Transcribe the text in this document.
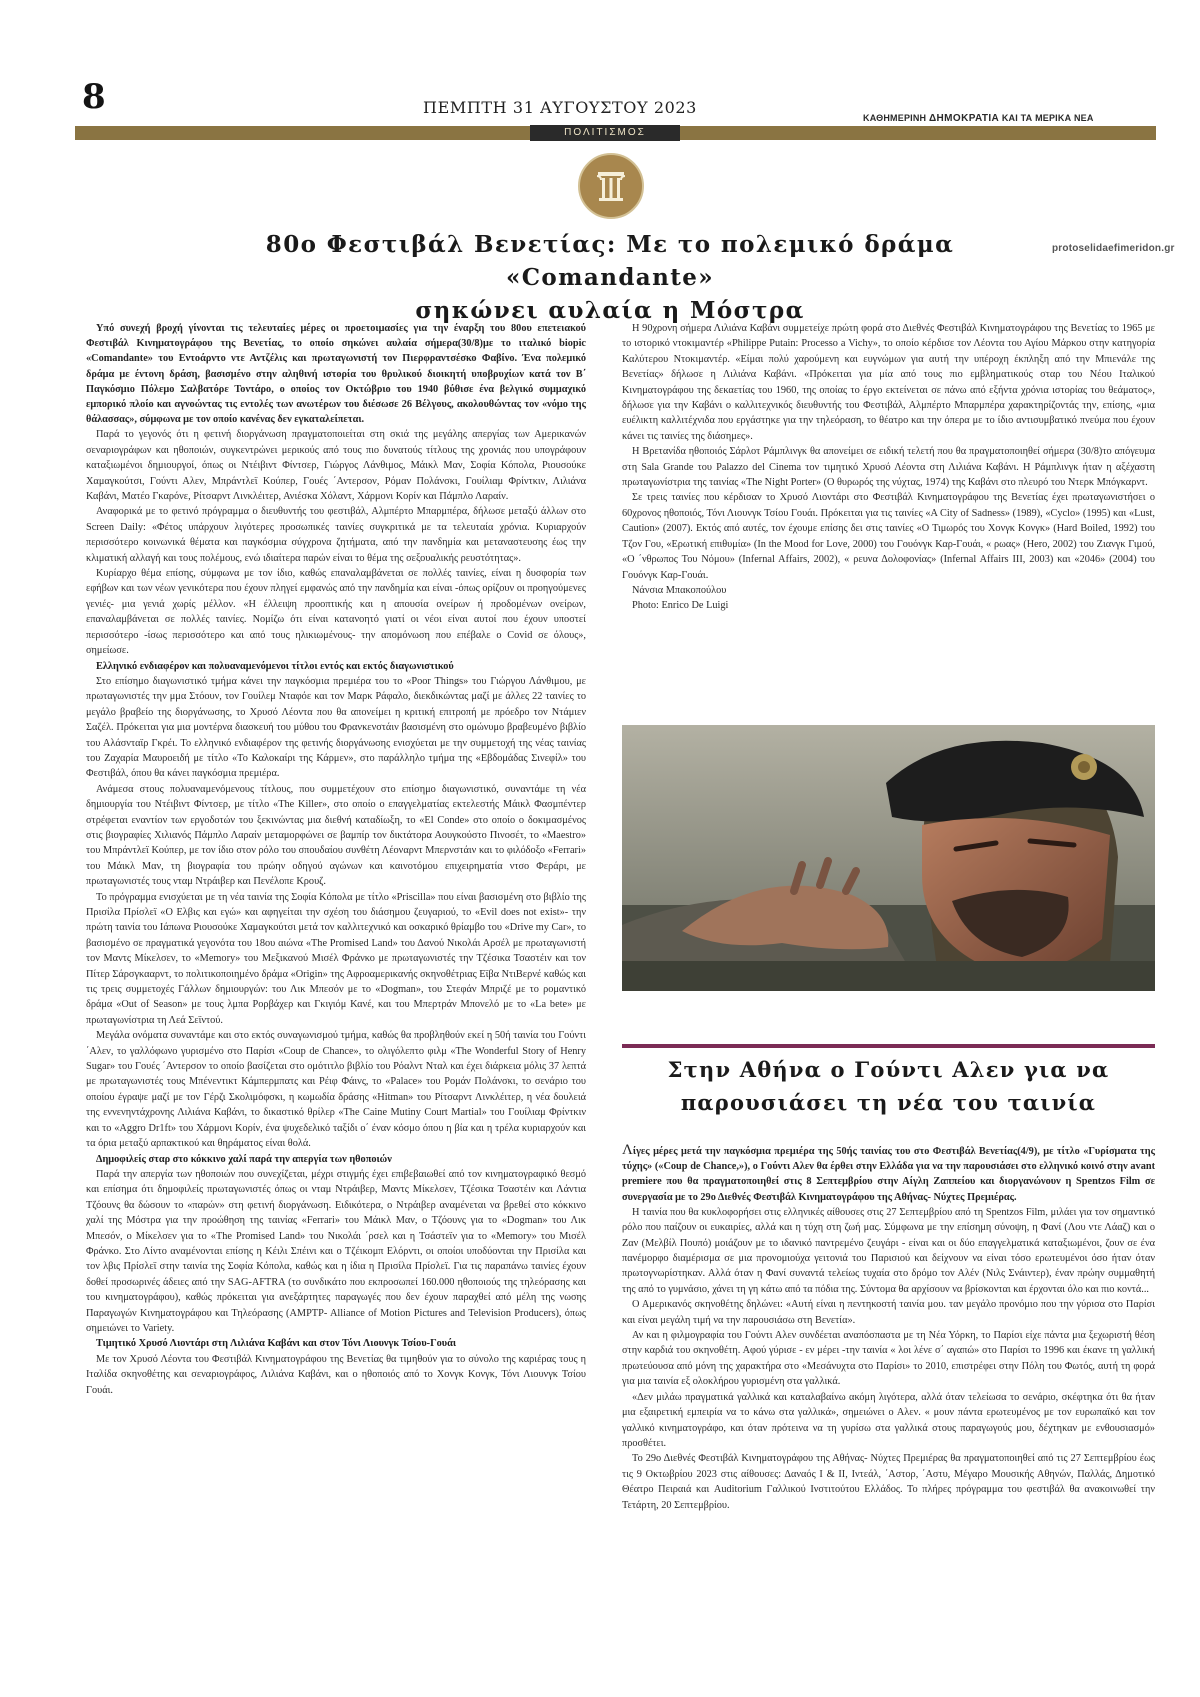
8	ΠΕΜΠΤΗ 31 ΑΥΓΟΥΣΤΟΥ 2023
ΚΑΘΗΜΕΡΙΝΗ ΔΗΜΟΚΡΑΤΙΑ ΚΑΙ ΤΑ ΜΕΡΙΚΑ ΝΕΑ
ΠΟΛΙΤΙΣΜΟΣ
80ο Φεστιβάλ Βενετίας: Με το πολεμικό δράμα «Comandante»
σηκώνει αυλαία η Μόστρα
protoselidaefimeridon.gr

Υπό συνεχή βροχή γίνονται τις τελευταίες μέρες οι προετοιμασίες για την έναρξη του 80ου επετειακού Φεστιβάλ Κινηματογράφου της Βενετίας, το οποίο σηκώνει αυλαία σήμερα(30/8)με το ιταλικό biopic «Comandante» του Εντοάρντο ντε Αντζέλις και πρωταγωνιστή τον Πιερφραντσέσκο Φαβίνο. Ένα πολεμικό δράμα με έντονη δράση, βασισμένο στην αληθινή ιστορία του θρυλικού διοικητή υποβρυχίων κατά τον Β΄ Παγκόσμιο Πόλεμο Σαλβατόρε Τοντάρο, ο οποίος τον Οκτώβριο του 1940 βύθισε ένα βελγικό συμμαχικό εμπορικό πλοίο και αγνοώντας τις εντολές των ανωτέρων του διέσωσε 26 Βέλγους, ακολουθώντας τον «νόμο της θάλασσας», σύμφωνα με τον οποίο κανένας δεν εγκαταλείπεται.

Παρά το γεγονός ότι η φετινή διοργάνωση πραγματοποιείται στη σκιά της μεγάλης απεργίας των Αμερικανών σεναριογράφων και ηθοποιών, συγκεντρώνει μερικούς από τους πιο δυνατούς τίτλους της χρονιάς που υπογράφουν καταξιωμένοι δημιουργοί, όπως οι Ντέιβιντ Φίντσερ, Γιώργος Λάνθιμος, Μάικλ Μαν, Σοφία Κόπολα, Ριουσούκε Χαμαγκούτσι, Γούντι Αλεν, Μπράντλεϊ Κούπερ, Γουές ΄Αντερσον, Ρόμαν Πολάνσκι, Γουίλιαμ Φρίντκιν, Λιλιάνα Καβάνι, Ματέο Γκαρόνε, Ρίτσαρντ Λινκλέιτερ, Ανιέσκα Χόλαντ, Χάρμονι Κορίν και Πάμπλο Λαραίν.

Αναφορικά με το φετινό πρόγραμμα ο διευθυντής του φεστιβάλ, Αλμπέρτο Μπαρμπέρα, δήλωσε μεταξύ άλλων στο Screen Daily: «Φέτος υπάρχουν λιγότερες προσωπικές ταινίες συγκριτικά με τα τελευταία χρόνια. Κυριαρχούν περισσότερο κοινωνικά θέματα και παγκόσμια σύγχρονα ζητήματα, από την πανδημία και μεταναστευσης έως την κλιματική αλλαγή και τους πολέμους, ενώ ιδιαίτερα παρών είναι το θέμα της σεξουαλικής ρευστότητας».

Κυρίαρχο θέμα επίσης, σύμφωνα με τον ίδιο, καθώς επαναλαμβάνεται σε πολλές ταινίες, είναι η δυσφορία των εφήβων και των νέων γενικότερα που έχουν πληγεί εμφανώς από την πανδημία και είναι -όπως ορίζουν οι προηγούμενες γενιές- μια γενιά χωρίς μέλλον. «Η έλλειψη προοπτικής και η απουσία ονείρων ή προδομένων ονείρων, επαναλαμβάνεται σε πολλές ταινίες. Νομίζω ότι είναι κατανοητό γιατί οι νέοι είναι αυτοί που έχουν υποστεί περισσότερο -ίσως περισσότερο και από τους ηλικιωμένους- την απομόνωση που επέβαλε ο Covid σε όλους», σημείωσε.

Ελληνικό ενδιαφέρον και πολυαναμενόμενοι τίτλοι εντός και εκτός διαγωνιστικού

Στο επίσημο διαγωνιστικό τμήμα κάνει την παγκόσμια πρεμιέρα του το «Poor Things» του Γιώργου Λάνθιμου, με πρωταγωνιστές την μμα Στόουν, τον Γουίλεμ Νταφόε και τον Μαρκ Ράφαλο, διεκδικώντας μαζί με άλλες 22 ταινίες το μεγάλο βραβείο της διοργάνωσης, το Χρυσό Λέοντα που θα απονείμει η κριτική επιτροπή με πρόεδρο τον Ντάμιεν Σαζέλ. Πρόκειται για μια μοντέρνα διασκευή του μύθου του Φρανκενστάιν βασισμένη στο ομώνυμο βραβευμένο βιβλίο του Αλάσνταϊρ Γκρέι. Το ελληνικό ενδιαφέρον της φετινής διοργάνωσης ενισχύεται με την συμμετοχή της νέας ταινίας του Ζαχαρία Μαυροειδή με τίτλο «Το Καλοκαίρι της Κάρμεν», στο παράλληλο τμήμα της «Εβδομάδας Σινεφίλ» του Φεστιβάλ, όπου θα κάνει παγκόσμια πρεμιέρα.

Ανάμεσα στους πολυαναμενόμενους τίτλους, που συμμετέχουν στο επίσημο διαγωνιστικό, συναντάμε τη νέα δημιουργία του Ντέιβιντ Φίντσερ, με τίτλο «The Killer», στο οποίο ο επαγγελματίας εκτελεστής Μάικλ Φασμπέντερ στρέφεται εναντίον των εργοδοτών του ξεκινώντας μια διεθνή καταδίωξη, το «El Conde» στο οποίο ο δοκιμασμένος στις βιογραφίες Χιλιανός Πάμπλο Λαραίν μεταμορφώνει σε βαμπίρ τον δικτάτορα Αουγκούστο Πινοσέτ, το «Maestro» του Μπράντλεϊ Κούπερ, με τον ίδιο στον ρόλο του σπουδαίου συνθέτη Λέοναρντ Μπερνστάιν και το φιλόδοξο «Ferrari» του Μάικλ Μαν, τη βιογραφία του πρώην οδηγού αγώνων και καινοτόμου επιχειρηματία ντσο Φεράρι, με πρωταγωνιστές τους νταμ Ντράιβερ και Πενέλοπε Κρουζ.

Το πρόγραμμα ενισχύεται με τη νέα ταινία της Σοφία Κόπολα με τίτλο «Priscilla» που είναι βασισμένη στο βιβλίο της Πρισίλα Πρίσλεϊ «Ο Ελβις και εγώ» και αφηγείται την σχέση του διάσημου ζευγαριού, το «Evil does not exist»- την πρώτη ταινία του Ιάπωνα Ριουσούκε Χαμαγκούτσι μετά τον καλλιτεχνικό και οσκαρικό θρίαμβο του «Drive my Car», το βασισμένο σε πραγματικά γεγονότα του 18ου αιώνα «The Promised Land» του Δανού Νικολάι Αρσέλ με πρωταγωνιστή τον Μαντς Μίκελσεν, το «Memory» του Μεξικανού Μισέλ Φράνκο με πρωταγωνιστές την Τζέσικα Τσαστέιν και τον Πίτερ Σάρσγκααρντ, το πολιτικοποιημένο δράμα «Origin» της Αφροαμερικανής σκηνοθέτριας Εϊβα ΝτιΒερνέ καθώς και τις τρεις συμμετοχές Γάλλων δημιουργών: του Λικ Μπεσόν με το «Dogman», του Στεφάν Μπριζέ με το ρομαντικό δράμα «Out of Season» με τους λμπα Ρορβάχερ και Γκιγιόμ Κανέ, και του Μπερτράν Μπονελό με το «La bete» με πρωταγωνίστρια τη Λεά Σεϊντού.

Μεγάλα ονόματα συναντάμε και στο εκτός συναγωνισμού τμήμα, καθώς θα προβληθούν εκεί η 50ή ταινία του Γούντι ΄Αλεν, το γαλλόφωνο γυρισμένο στο Παρίσι «Coup de Chance», το ολιγόλεπτο φιλμ «The Wonderful Story of Henry Sugar» του Γουές ΄Αντερσον το οποίο βασίζεται στο ομότιτλο βιβλίο του Ρόαλντ Νταλ και έχει διάρκεια μόλις 37 λεπτά με πρωταγωνιστές τους Μπένεντικτ Κάμπερμπατς και Ρέιφ Φάινς, το «Palace» του Ρομάν Πολάνσκι, το σενάριο του οποίου έγραψε μαζί με τον Γέρζι Σκολιμόφσκι, η κωμωδία δράσης «Hitman» του Ρίτσαρντ Λινκλέιτερ, η νέα δουλειά της εννενηντάχρονης Λιλιάνα Καβάνι, το δικαστικό θρίλερ «The Caine Mutiny Court Martial» του Γουίλιαμ Φρίντκιν και το «Aggro Dr1ft» του Χάρμονι Κορίν, ένα ψυχεδελικό ταξίδι ο΄ έναν κόσμο όπου η βία και η τρέλα κυριαρχούν και τα όρια μεταξύ αρπακτικού και θηράματος είναι θολά.

Δημοφιλείς σταρ στο κόκκινο χαλί παρά την απεργία των ηθοποιών

Παρά την απεργία των ηθοποιών που συνεχίζεται, μέχρι στιγμής έχει επιβεβαιωθεί από τον κινηματογραφικό θεσμό και επίσημα ότι δημοφιλείς πρωταγωνιστές όπως οι νταμ Ντράιβερ, Μαντς Μίκελσεν, Τζέσικα Τσαστέιν και Λάντια Τζόουνς θα δώσουν το «παρών» στη φετινή διοργάνωση. Ειδικότερα, ο Ντράιβερ αναμένεται να βρεθεί στο κόκκινο χαλί της Μόστρα για την προώθηση της ταινίας «Ferrari» του Μάικλ Μαν, ο Τζόουνς για το «Dogman» του Λικ Μπεσόν, ο Μίκελσεν για το «The Promised Land» του Νικολάι ΄ρσελ και η Τσάστεϊν για το «Memory» του Μισέλ Φράνκο. Στο Λίντο αναμένονται επίσης η Κέιλι Σπέινι και ο Τζέικομπ Ελόρντι, οι οποίοι υποδύονται την Πρισίλα και τον λβις Πρίσλεϊ στην ταινία της Σοφία Κόπολα, καθώς και η ίδια η Πρισίλα Πρίσλεϊ. Για τις παραπάνω ταινίες έχουν δοθεί προσωρινές άδειες από την SAG-AFTRA (το συνδικάτο που εκπροσωπεί 160.000 ηθοποιούς της τηλεόρασης και του κινηματογράφου), καθώς πρόκειται για ανεξάρτητες παραγωγές που δεν έχουν παραχθεί από μέλη της νωσης Παραγωγών Κινηματογράφου και Τηλεόρασης (AMPTP- Alliance of Motion Pictures and Television Producers), όπως σημειώνει το Variety.

Τιμητικό Χρυσό Λιοντάρι στη Λιλιάνα Καβάνι και στον Τόνι Λιουνγκ Τσίου-Γουάι

Με τον Χρυσό Λέοντα του Φεστιβάλ Κινηματογράφου της Βενετίας θα τιμηθούν για το σύνολο της καριέρας τους η Ιταλίδα σκηνοθέτης και σεναριογράφος, Λιλιάνα Καβάνι, και ο ηθοποιός από το Χονγκ Κονγκ, Τόνι Λιουνγκ Τσίου Γουάι.

Η 90χρονη σήμερα Λιλιάνα Καβάνι συμμετείχε πρώτη φορά στο Διεθνές Φεστιβάλ Κινηματογράφου της Βενετίας το 1965 με το ιστορικό ντοκιμαντέρ «Philippe Putain: Processo a Vichy», το οποίο κέρδισε τον Λέοντα του Αγίου Μάρκου στην κατηγορία Καλύτερου Ντοκιμαντέρ. «Είμαι πολύ χαρούμενη και ευγνώμων για αυτή την υπέροχη έκπληξη από την Μπιενάλε της Βενετίας» δήλωσε η Λιλιάνα Καβάνι. «Πρόκειται για μία από τους πιο εμβληματικούς σταρ του Νέου Ιταλικού Κινηματογράφου της δεκαετίας του 1960, της οποίας το έργο εκτείνεται σε πάνω από εξήντα χρόνια ιστορίας του θεάματος», δήλωσε για την Καβάνι ο καλλιτεχνικός διευθυντής του Φεστιβάλ, Αλμπέρτο Μπαρμπέρα χαρακτηρίζοντάς την, επίσης, «μια ευέλικτη καλλιτέχνιδα που εργάστηκε για την τηλεόραση, το θέατρο και την όπερα με το ίδιο αντισυμβατικό πνεύμα που έχουν κάνει τις ταινίες της διάσημες».

Η Βρετανίδα ηθοποιός Σάρλοτ Ράμπλινγκ θα απονείμει σε ειδική τελετή που θα πραγματοποιηθεί σήμερα (30/8)το απόγευμα στη Sala Grande του Palazzo del Cinema τον τιμητικό Χρυσό Λέοντα στη Λιλιάνα Καβάνι. Η Ράμπλινγκ ήταν η αξέχαστη πρωταγωνίστρια της ταινίας «The Night Porter» (Ο θυρωρός της νύχτας, 1974) της Καβάνι στο πλευρό του Ντερκ Μπόγκαρντ.

Σε τρεις ταινίες που κέρδισαν το Χρυσό Λιοντάρι στο Φεστιβάλ Κινηματογράφου της Βενετίας έχει πρωταγωνιστήσει ο 60χρονος ηθοποιός, Τόνι Λιουνγκ Τσίου Γουάι. Πρόκειται για τις ταινίες «A City of Sadness» (1989), «Cyclo» (1995) και «Lust, Caution» (2007). Εκτός από αυτές, τον έχουμε επίσης δει στις ταινίες «Ο Τιμωρός του Χονγκ Κονγκ» (Hard Boiled, 1992) του Τζον Γου, «Ερωτική επιθυμία» (In the Mood for Love, 2000) του Γουόνγκ Καρ-Γουάι, « ρωας» (Hero, 2002) του Ζιανγκ Γιμού, «Ο ΄νθρωπος Του Νόμου» (Infernal Affairs, 2002), « ρευνα Δολοφονίας» (Infernal Affairs III, 2003) και «2046» (2004) του Γουόνγκ Καρ-Γουάι.

Νάνσια Μπακοπούλου

Photo: Enrico De Luigi

Στην Αθήνα ο Γούντι Αλεν για να
παρουσιάσει τη νέα του ταινία

Λίγες μέρες μετά την παγκόσμια πρεμιέρα της 50ής ταινίας του στο Φεστιβάλ Βενετίας(4/9), με τίτλο «Γυρίσματα της τύχης» («Coup de Chance,»), ο Γούντι Αλεν θα έρθει στην Ελλάδα για να την παρουσιάσει στο ελληνικό κοινό στην avant premiere που θα πραγματοποιηθεί στις 8 Σεπτεμβρίου στην Αίγλη Ζαππείου και διοργανώνουν η Spentzos Film σε συνεργασία με το 29ο Διεθνές Φεστιβάλ Κινηματογράφου της Αθήνας- Νύχτες Πρεμιέρας.

Η ταινία που θα κυκλοφορήσει στις ελληνικές αίθουσες στις 27 Σεπτεμβρίου από τη Spentzos Film, μιλάει για τον σημαντικό ρόλο που παίζουν οι ευκαιρίες, αλλά και η τύχη στη ζωή μας. Σύμφωνα με την επίσημη σύνοψη, η Φανί (Λου ντε Λάαζ) και ο Ζαν (Μελβίλ Πουπό) μοιάζουν με το ιδανικό παντρεμένο ζευγάρι - είναι και οι δύο επαγγελματικά καταξιωμένοι, ζουν σε ένα πανέμορφο διαμέρισμα σε μια προνομιούχα γειτονιά του Παρισιού και δείχνουν να είναι τόσο ερωτευμένοι όσο ήταν όταν πρωτογνωρίστηκαν. Αλλά όταν η Φανί συναντά τελείως τυχαία στο δρόμο τον Αλέν (Νιλς Σνάιντερ), έναν πρώην συμμαθητή της από το γυμνάσιο, χάνει τη γη κάτω από τα πόδια της. Σύντομα θα αρχίσουν να βρίσκονται και έρχονται όλο και πιο κοντά...

Ο Αμερικανός σκηνοθέτης δηλώνει: «Αυτή είναι η πεντηκοστή ταινία μου. ταν μεγάλο προνόμιο που την γύρισα στο Παρίσι και είναι μεγάλη τιμή να την παρουσιάσω στη Βενετία».

Αν και η φιλμογραφία του Γούντι Αλεν συνδέεται αναπόσπαστα με τη Νέα Υόρκη, το Παρίσι είχε πάντα μια ξεχωριστή θέση στην καρδιά του σκηνοθέτη. Αφού γύρισε - εν μέρει -την ταινία « λοι λένε σ΄ αγαπώ» στο Παρίσι το 1996 και έκανε τη γαλλική πρωτεύουσα από μόνη της χαρακτήρα στο «Μεσάνυχτα στο Παρίσι» το 2010, επιστρέφει στην Πόλη του Φωτός, αυτή τη φορά για μια ταινία εξ ολοκλήρου γυρισμένη στα γαλλικά.

«Δεν μιλάω πραγματικά γαλλικά και καταλαβαίνω ακόμη λιγότερα, αλλά όταν τελείωσα το σενάριο, σκέφτηκα ότι θα ήταν μια εξαιρετική εμπειρία να το κάνω στα γαλλικά», σημειώνει ο Αλεν. « μουν πάντα ερωτευμένος με τον ευρωπαϊκό και τον γαλλικό κινηματογράφο, και όταν πρότεινα να τη γυρίσω στα γαλλικά στους παραγωγούς μου, δέχτηκαν με ενθουσιασμό» προσθέτει.

Το 29ο Διεθνές Φεστιβάλ Κινηματογράφου της Αθήνας- Νύχτες Πρεμιέρας θα πραγματοποιηθεί από τις 27 Σεπτεμβρίου έως τις 9 Οκτωβρίου 2023 στις αίθουσες: Δαναός Ι & ΙΙ, Ιντεάλ, ΄Αστορ, ΄Αστυ, Μέγαρο Μουσικής Αθηνών, Παλλάς, Δημοτικό Θέατρο Πειραιά και Auditorium Γαλλικού Ινστιτούτου Ελλάδος. Το πλήρες πρόγραμμα του φεστιβάλ θα ανακοινωθεί την Τετάρτη, 20 Σεπτεμβρίου.
